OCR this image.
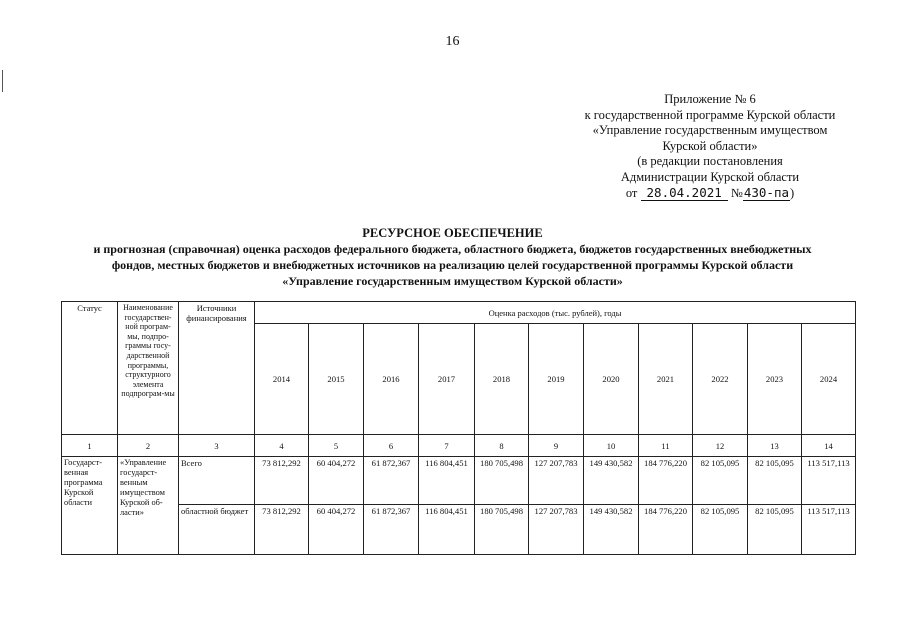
16
Приложение № 6
к государственной программе Курской области
«Управление государственным имуществом
Курской области»
(в редакции постановления
Администрации Курской области
от 28.04.2021 №430-па)
РЕСУРСНОЕ ОБЕСПЕЧЕНИЕ
и прогнозная (справочная) оценка расходов федерального бюджета, областного бюджета, бюджетов государственных внебюджетных
фондов, местных бюджетов и внебюджетных источников на реализацию целей государственной программы Курской области
«Управление государственным имуществом Курской области»
Статус	Наименование государствен-ной програм-мы, подпро-граммы госу-дарственной программы, структурного элемента подпрограм-мы	Источники финансирования	Оценка расходов (тыс. рублей), годы										
			2014	2015	2016	2017	2018	2019	2020	2021	2022	2023	2024
1	2	3	4	5	6	7	8	9	10	11	12	13	14
Государст-венная программа Курской области	«Управление государст-венным имуществом Курской об-ласти»	Всего	73 812,292	60 404,272	61 872,367	116 804,451	180 705,498	127 207,783	149 430,582	184 776,220	82 105,095	82 105,095	113 517,113
		областной бюджет	73 812,292	60 404,272	61 872,367	116 804,451	180 705,498	127 207,783	149 430,582	184 776,220	82 105,095	82 105,095	113 517,113
